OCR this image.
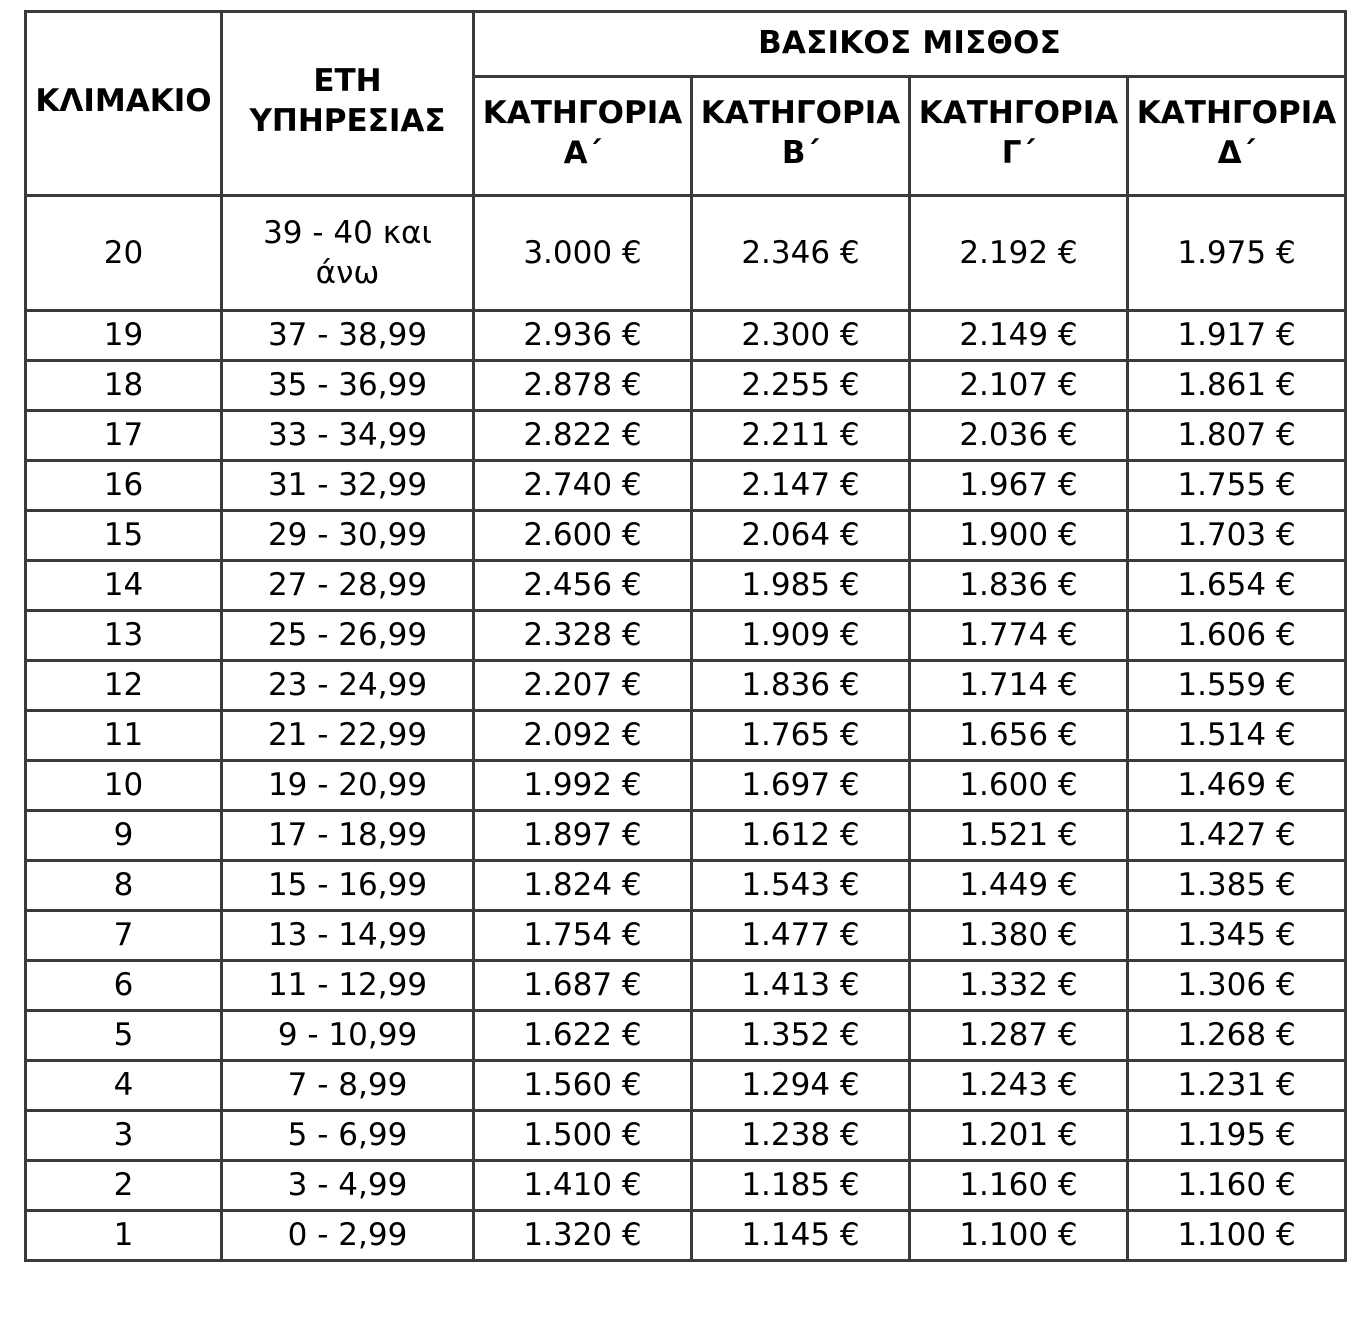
ΚΛΙΜΑΚΙΟ	ΕΤΗ ΥΠΗΡΕΣΙΑΣ	ΒΑΣΙΚΟΣ ΜΙΣΘΟΣ			
		ΚΑΤΗΓΟΡΙΑ Α΄	ΚΑΤΗΓΟΡΙΑ Β΄	ΚΑΤΗΓΟΡΙΑ Γ΄	ΚΑΤΗΓΟΡΙΑ Δ΄
20	39 - 40 και άνω	3.000 €	2.346 €	2.192 €	1.975 €
19	37 - 38,99	2.936 €	2.300 €	2.149 €	1.917 €
18	35 - 36,99	2.878 €	2.255 €	2.107 €	1.861 €
17	33 - 34,99	2.822 €	2.211 €	2.036 €	1.807 €
16	31 - 32,99	2.740 €	2.147 €	1.967 €	1.755 €
15	29 - 30,99	2.600 €	2.064 €	1.900 €	1.703 €
14	27 - 28,99	2.456 €	1.985 €	1.836 €	1.654 €
13	25 - 26,99	2.328 €	1.909 €	1.774 €	1.606 €
12	23 - 24,99	2.207 €	1.836 €	1.714 €	1.559 €
11	21 - 22,99	2.092 €	1.765 €	1.656 €	1.514 €
10	19 - 20,99	1.992 €	1.697 €	1.600 €	1.469 €
9	17 - 18,99	1.897 €	1.612 €	1.521 €	1.427 €
8	15 - 16,99	1.824 €	1.543 €	1.449 €	1.385 €
7	13 - 14,99	1.754 €	1.477 €	1.380 €	1.345 €
6	11 - 12,99	1.687 €	1.413 €	1.332 €	1.306 €
5	9 - 10,99	1.622 €	1.352 €	1.287 €	1.268 €
4	7 - 8,99	1.560 €	1.294 €	1.243 €	1.231 €
3	5 - 6,99	1.500 €	1.238 €	1.201 €	1.195 €
2	3 - 4,99	1.410 €	1.185 €	1.160 €	1.160 €
1	0 - 2,99	1.320 €	1.145 €	1.100 €	1.100 €
